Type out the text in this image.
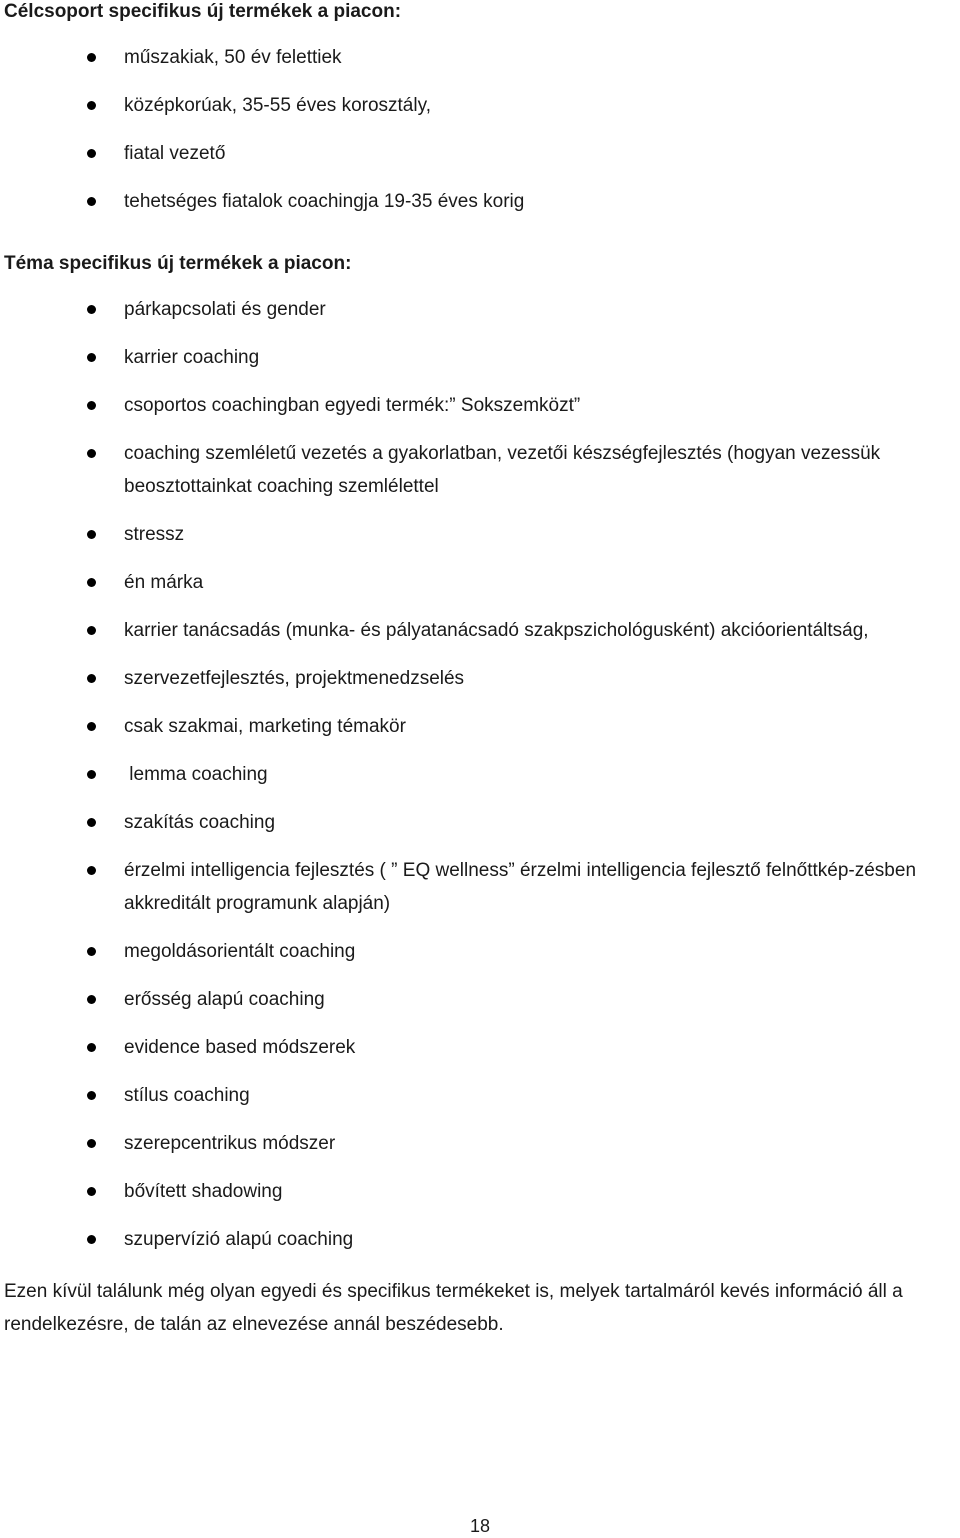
Célcsoport specifikus új termékek a piacon:
műszakiak, 50 év felettiek
középkorúak, 35-55 éves korosztály,
fiatal vezető
tehetséges fiatalok coachingja 19-35 éves korig
Téma specifikus új termékek a piacon:
párkapcsolati és gender
karrier coaching
csoportos coachingban egyedi termék:” Sokszemközt”
coaching szemléletű vezetés a gyakorlatban, vezetői készségfejlesztés (hogyan vezessük beosztottainkat coaching szemlélettel
stressz
én márka
karrier tanácsadás (munka- és pályatanácsadó szakpszichológusként) akcióorientáltság,
szervezetfejlesztés, projektmenedzselés
csak szakmai, marketing témakör
lemma coaching
szakítás coaching
érzelmi intelligencia fejlesztés ( ” EQ wellness” érzelmi intelligencia fejlesztő felnőttkép-zésben akkreditált programunk alapján)
megoldásorientált coaching
erősség alapú coaching
evidence based módszerek
stílus coaching
szerepcentrikus módszer
bővített shadowing
szupervízió alapú coaching

Ezen kívül találunk még olyan egyedi és specifikus termékeket is, melyek tartalmáról kevés információ áll a rendelkezésre, de talán az elnevezése annál beszédesebb.

18
